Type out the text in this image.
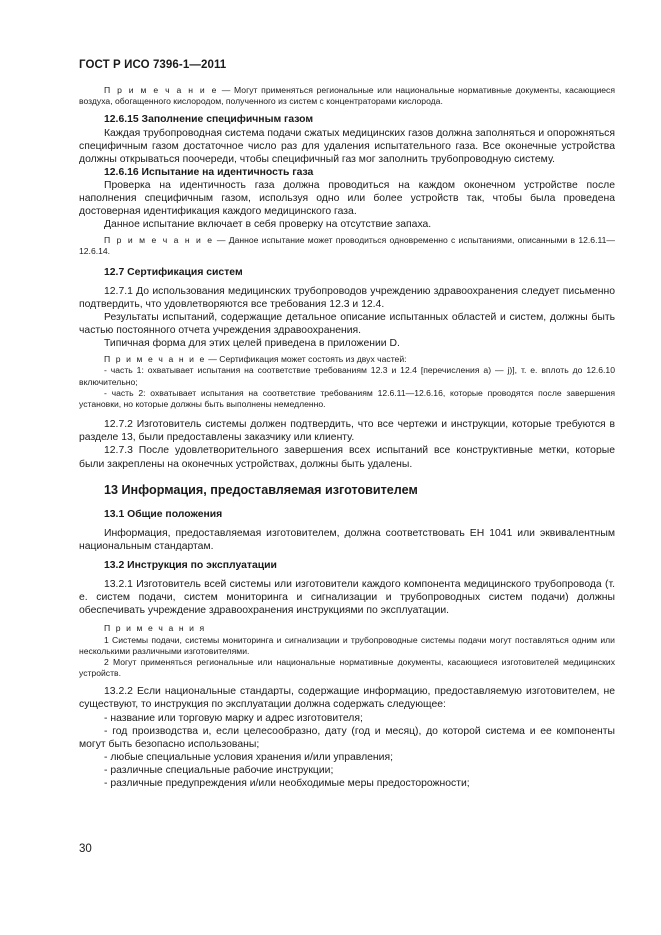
ГОСТ Р ИСО 7396-1—2011
П р и м е ч а н и е — Могут применяться региональные или национальные нормативные документы, касающиеся воздуха, обогащенного кислородом, полученного из систем с концентраторами кислорода.
12.6.15 Заполнение специфичным газом
Каждая трубопроводная система подачи сжатых медицинских газов должна заполняться и опорожняться специфичным газом достаточное число раз для удаления испытательного газа. Все оконечные устройства должны открываться поочереди, чтобы специфичный газ мог заполнить трубопроводную систему.
12.6.16 Испытание на идентичность газа
Проверка на идентичность газа должна проводиться на каждом оконечном устройстве после наполнения специфичным газом, используя одно или более устройств так, чтобы была проведена достоверная идентификация каждого медицинского газа.
Данное испытание включает в себя проверку на отсутствие запаха.
П р и м е ч а н и е — Данное испытание может проводиться одновременно с испытаниями, описанными в 12.6.11—12.6.14.
12.7 Сертификация систем
12.7.1 До использования медицинских трубопроводов учреждению здравоохранения следует письменно подтвердить, что удовлетворяются все требования 12.3 и 12.4.
Результаты испытаний, содержащие детальное описание испытанных областей и систем, должны быть частью постоянного отчета учреждения здравоохранения.
Типичная форма для этих целей приведена в приложении D.
П р и м е ч а н и е — Сертификация может состоять из двух частей:
- часть 1: охватывает испытания на соответствие требованиям 12.3 и 12.4 [перечисления а) — j)], т. е. вплоть до 12.6.10 включительно;
- часть 2: охватывает испытания на соответствие требованиям 12.6.11—12.6.16, которые проводятся после завершения установки, но которые должны быть выполнены немедленно.
12.7.2 Изготовитель системы должен подтвердить, что все чертежи и инструкции, которые требуются в разделе 13, были предоставлены заказчику или клиенту.
12.7.3 После удовлетворительного завершения всех испытаний все конструктивные метки, которые были закреплены на оконечных устройствах, должны быть удалены.
13 Информация, предоставляемая изготовителем
13.1 Общие положения
Информация, предоставляемая изготовителем, должна соответствовать ЕН 1041 или эквивалентным национальным стандартам.
13.2 Инструкция по эксплуатации
13.2.1 Изготовитель всей системы или изготовители каждого компонента медицинского трубопровода (т. е. систем подачи, систем мониторинга и сигнализации и трубопроводных систем подачи) должны обеспечивать учреждение здравоохранения инструкциями по эксплуатации.
П р и м е ч а н и я
1 Системы подачи, системы мониторинга и сигнализации и трубопроводные системы подачи могут поставляться одним или несколькими различными изготовителями.
2 Могут применяться региональные или национальные нормативные документы, касающиеся изготовителей медицинских устройств.
13.2.2 Если национальные стандарты, содержащие информацию, предоставляемую изготовителем, не существуют, то инструкция по эксплуатации должна содержать следующее:
- название или торговую марку и адрес изготовителя;
- год производства и, если целесообразно, дату (год и месяц), до которой система и ее компоненты могут быть безопасно использованы;
- любые специальные условия хранения и/или управления;
- различные специальные рабочие инструкции;
- различные предупреждения и/или необходимые меры предосторожности;
30
